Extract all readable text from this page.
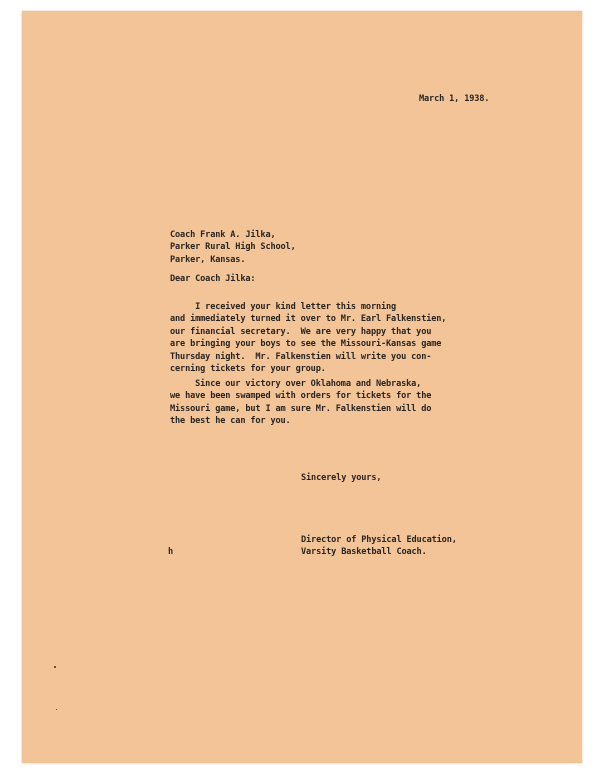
March 1, 1938.
Coach Frank A. Jilka,
Parker Rural High School,
Parker, Kansas.
Dear Coach Jilka:
I received your kind letter this morning
and immediately turned it over to Mr. Earl Falkenstien,
our financial secretary.  We are very happy that you
are bringing your boys to see the Missouri-Kansas game
Thursday night.  Mr. Falkenstien will write you con-
cerning tickets for your group.
Since our victory over Oklahoma and Nebraska,
we have been swamped with orders for tickets for the
Missouri game, but I am sure Mr. Falkenstien will do
the best he can for you.
Sincerely yours,
Director of Physical Education,
Varsity Basketball Coach.
h
